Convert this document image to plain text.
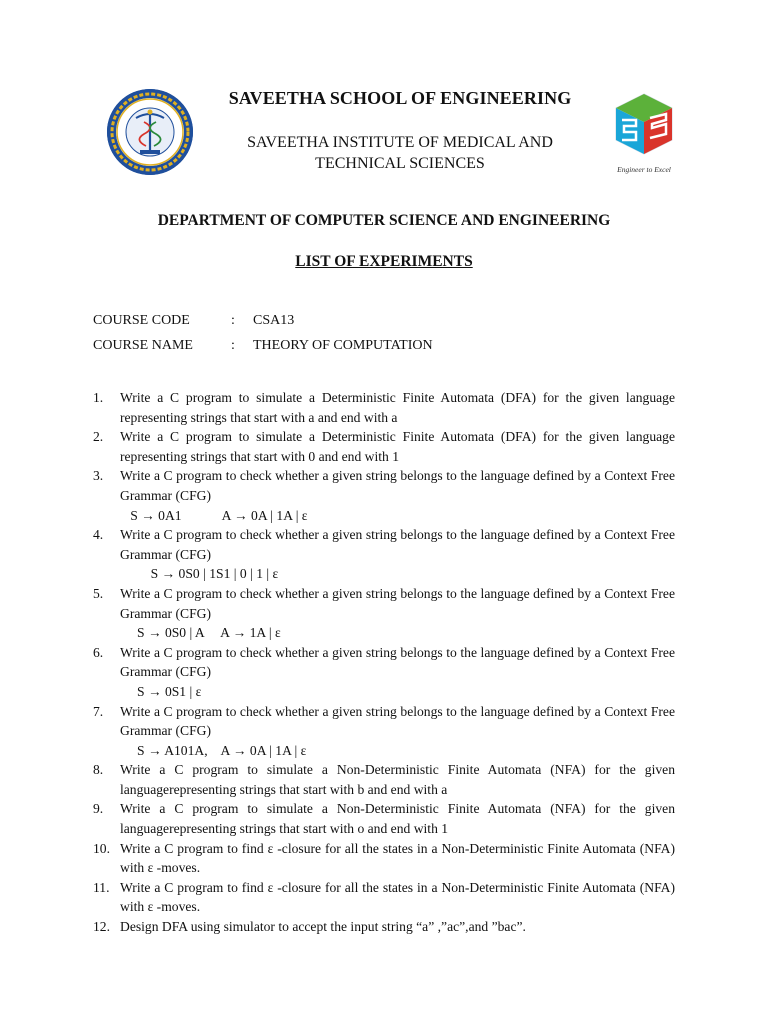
SAVEETHA SCHOOL OF ENGINEERING
SAVEETHA INSTITUTE OF MEDICAL AND
TECHNICAL SCIENCES	Engineer to Excel
DEPARTMENT OF COMPUTER SCIENCE AND ENGINEERING
LIST OF EXPERIMENTS
COURSE CODE	: CSA13
COURSE NAME	: THEORY OF COMPUTATION
1.	Write a C program to simulate a Deterministic Finite Automata (DFA) for the given language representing strings that start with a and end with a
2.	Write a C program to simulate a Deterministic Finite Automata (DFA) for the given language representing strings that start with 0 and end with 1
3.	Write a C program to check whether a given string belongs to the language defined by a Context Free Grammar (CFG)
S → 0A1            A → 0A | 1A | ε
4.	Write a C program to check whether a given string belongs to the language defined by a Context Free Grammar (CFG)
S → 0S0 | 1S1 | 0 | 1 | ε
5.	Write a C program to check whether a given string belongs to the language defined by a Context Free Grammar (CFG)
S → 0S0 | A     A → 1A | ε
6.	Write a C program to check whether a given string belongs to the language defined by a Context Free Grammar (CFG)
S → 0S1 | ε
7.	Write a C program to check whether a given string belongs to the language defined by a Context Free Grammar (CFG)
S → A101A,    A → 0A | 1A | ε
8.	Write a C program to simulate a Non-Deterministic Finite Automata (NFA) for the given languagerepresenting strings that start with b and end with a
9.	Write a C program to simulate a Non-Deterministic Finite Automata (NFA) for the given languagerepresenting strings that start with o and end with 1
10. Write a C program to find ε -closure for all the states in a Non-Deterministic Finite Automata (NFA) with ε -moves.
11. Write a C program to find ε -closure for all the states in a Non-Deterministic Finite Automata (NFA) with ε -moves.
12. Design DFA using simulator to accept the input string “a” ,”ac”,and ”bac”.
